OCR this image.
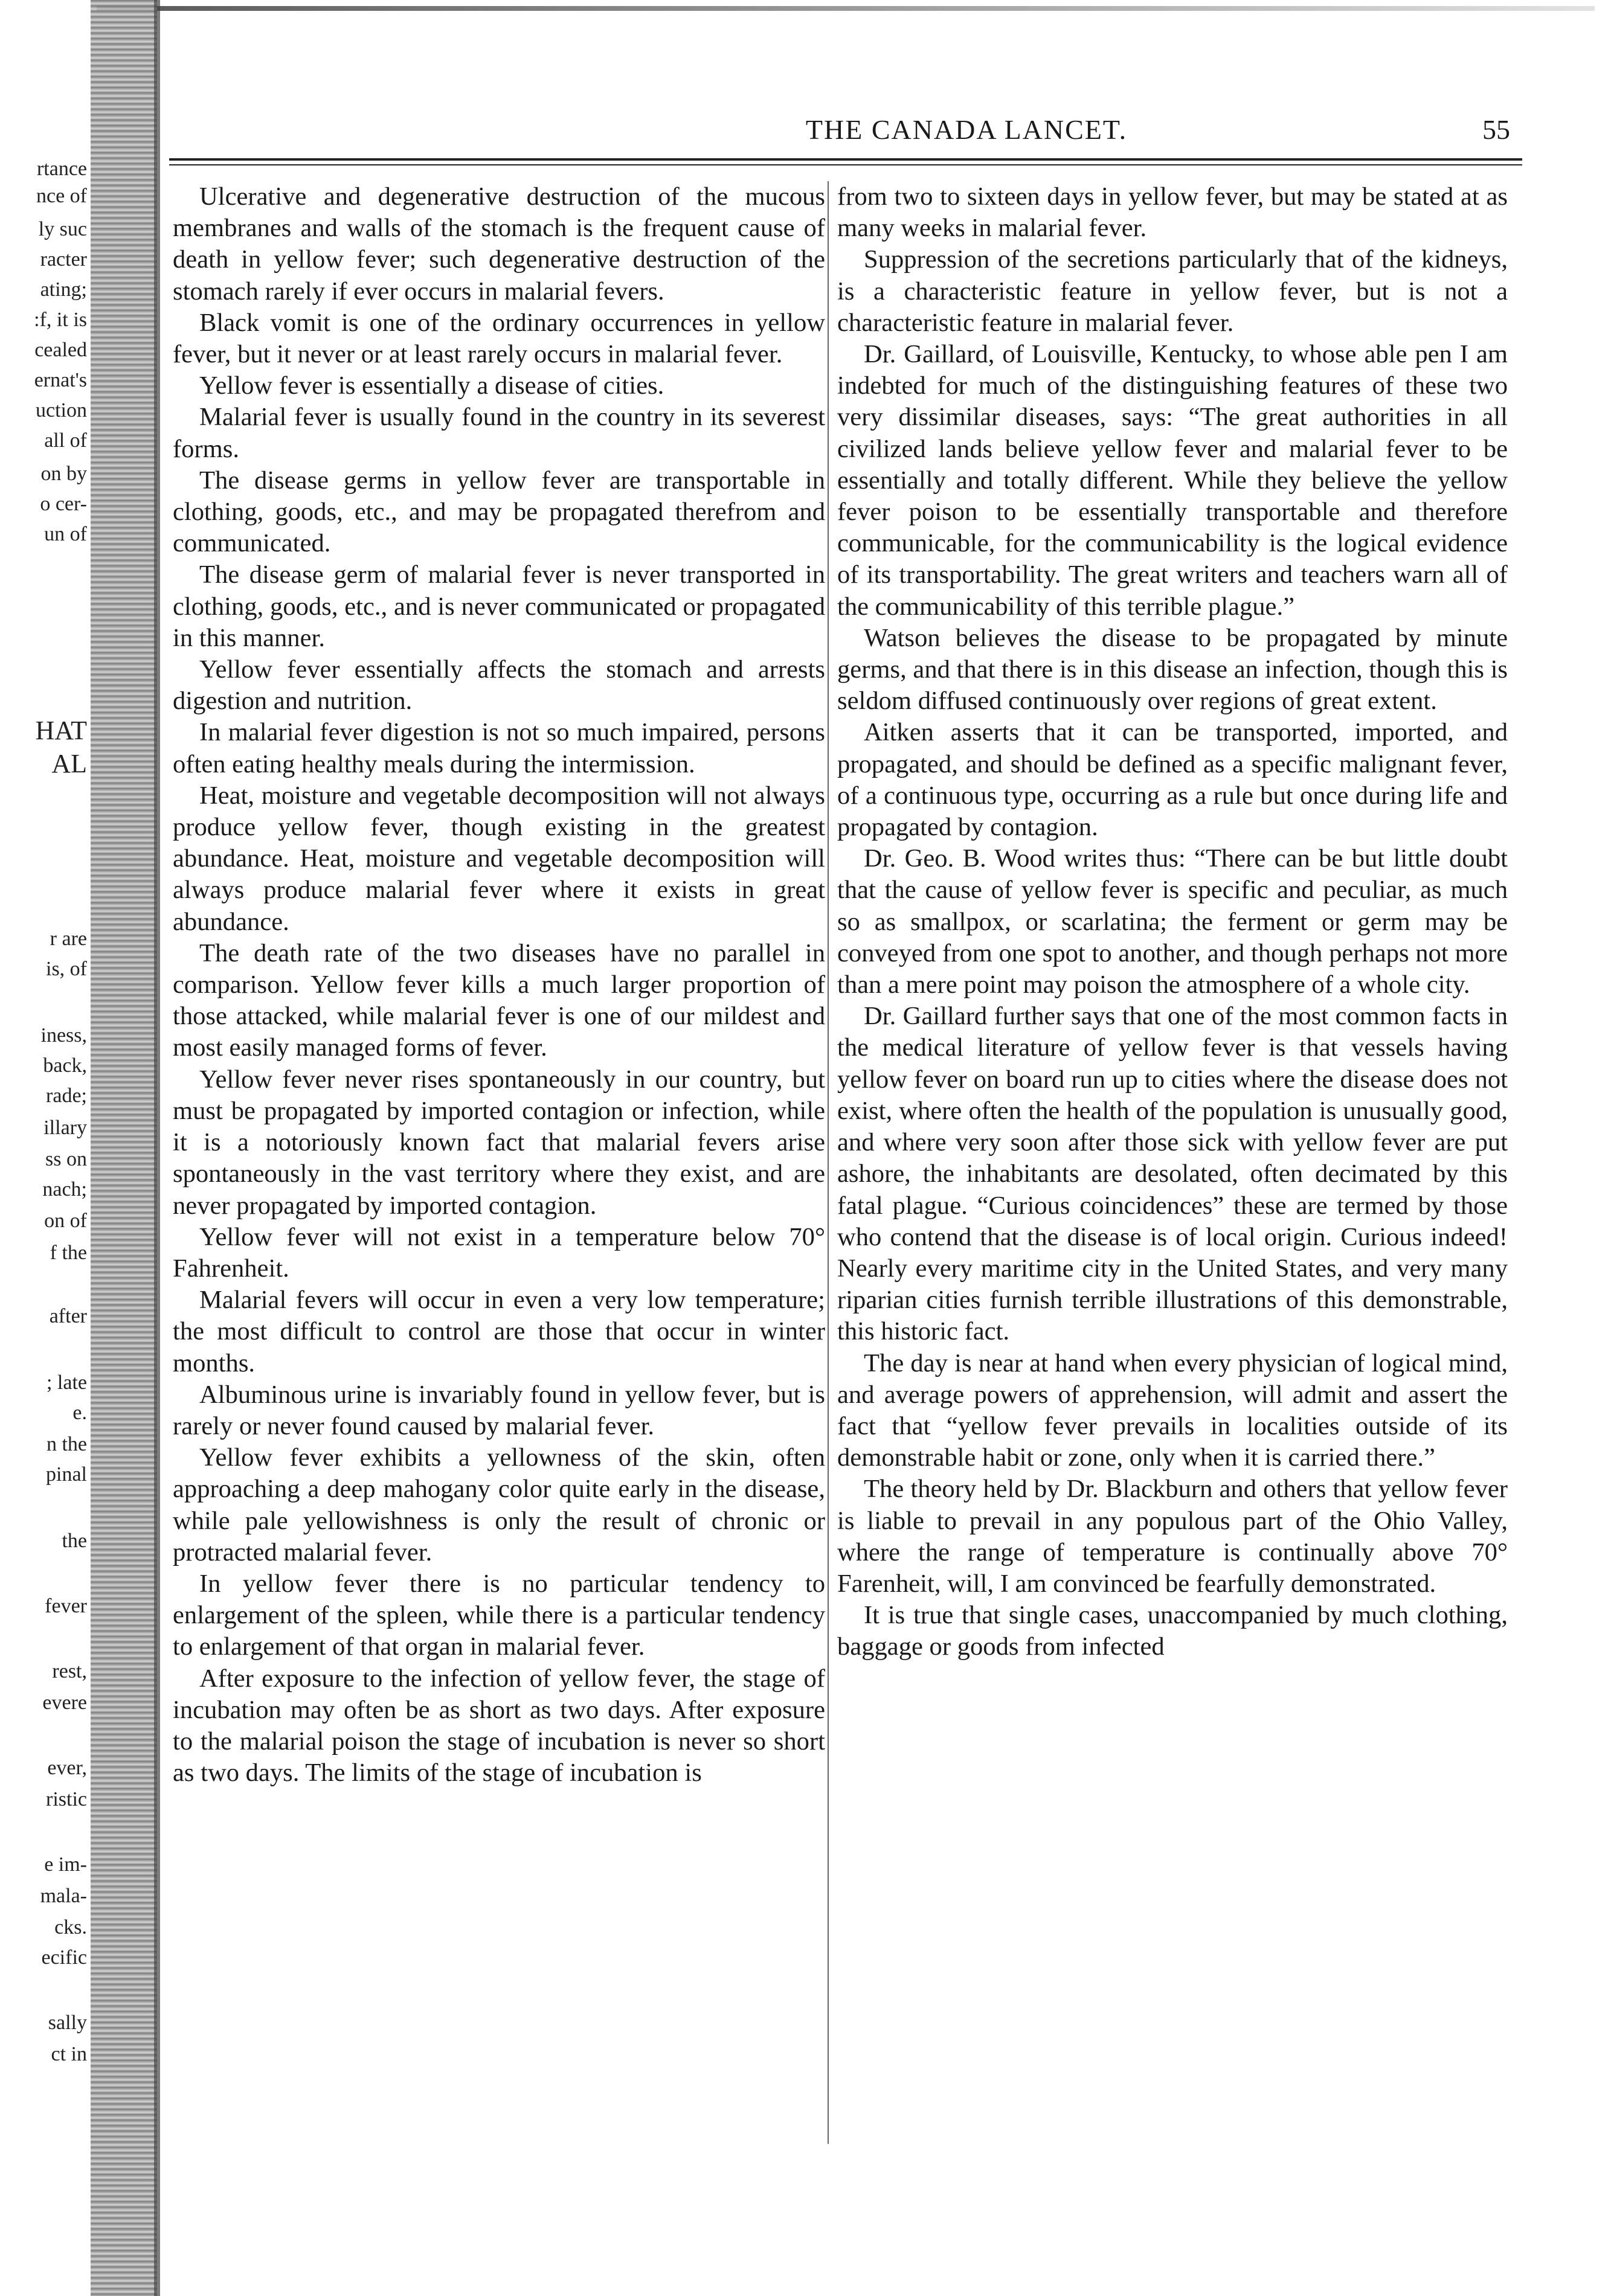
rtance
nce of
ly suc
racter
ating;
:f, it is
cealed
ernat's
uction
all of
on by
o cer-
un of
HAT
AL
r are
is, of
iness,
back,
rade;
illary
ss on
nach;
on of
f the
after
; late
e.
n the
pinal
the
fever
rest,
evere
ever,
ristic
e im-
mala-
cks.
ecific
sally
ct in
THE CANADA LANCET.	55

Ulcerative and degenerative destruction of the mucous membranes and walls of the stomach is the frequent cause of death in yellow fever; such degenerative destruction of the stomach rarely if ever occurs in malarial fevers.

Black vomit is one of the ordinary occurrences in yellow fever, but it never or at least rarely occurs in malarial fever.

Yellow fever is essentially a disease of cities.

Malarial fever is usually found in the country in its severest forms.

The disease germs in yellow fever are transportable in clothing, goods, etc., and may be propagated therefrom and communicated.

The disease germ of malarial fever is never transported in clothing, goods, etc., and is never communicated or propagated in this manner.

Yellow fever essentially affects the stomach and arrests digestion and nutrition.

In malarial fever digestion is not so much impaired, persons often eating healthy meals during the intermission.

Heat, moisture and vegetable decomposition will not always produce yellow fever, though existing in the greatest abundance. Heat, moisture and vegetable decomposition will always produce malarial fever where it exists in great abundance.

The death rate of the two diseases have no parallel in comparison. Yellow fever kills a much larger proportion of those attacked, while malarial fever is one of our mildest and most easily managed forms of fever.

Yellow fever never rises spontaneously in our country, but must be propagated by imported contagion or infection, while it is a notoriously known fact that malarial fevers arise spontaneously in the vast territory where they exist, and are never propagated by imported contagion.

Yellow fever will not exist in a temperature below 70° Fahrenheit.

Malarial fevers will occur in even a very low temperature; the most difficult to control are those that occur in winter months.

Albuminous urine is invariably found in yellow fever, but is rarely or never found caused by malarial fever.

Yellow fever exhibits a yellowness of the skin, often approaching a deep mahogany color quite early in the disease, while pale yellowishness is only the result of chronic or protracted malarial fever.

In yellow fever there is no particular tendency to enlargement of the spleen, while there is a particular tendency to enlargement of that organ in malarial fever.

After exposure to the infection of yellow fever, the stage of incubation may often be as short as two days. After exposure to the malarial poison the stage of incubation is never so short as two days. The limits of the stage of incubation is

from two to sixteen days in yellow fever, but may be stated at as many weeks in malarial fever.

Suppression of the secretions particularly that of the kidneys, is a characteristic feature in yellow fever, but is not a characteristic feature in malarial fever.

Dr. Gaillard, of Louisville, Kentucky, to whose able pen I am indebted for much of the distinguishing features of these two very dissimilar diseases, says: “The great authorities in all civilized lands believe yellow fever and malarial fever to be essentially and totally different. While they believe the yellow fever poison to be essentially transportable and therefore communicable, for the communicability is the logical evidence of its transportability. The great writers and teachers warn all of the communicability of this terrible plague.”

Watson believes the disease to be propagated by minute germs, and that there is in this disease an infection, though this is seldom diffused continuously over regions of great extent.

Aitken asserts that it can be transported, imported, and propagated, and should be defined as a specific malignant fever, of a continuous type, occurring as a rule but once during life and propagated by contagion.

Dr. Geo. B. Wood writes thus: “There can be but little doubt that the cause of yellow fever is specific and peculiar, as much so as smallpox, or scarlatina; the ferment or germ may be conveyed from one spot to another, and though perhaps not more than a mere point may poison the atmosphere of a whole city.

Dr. Gaillard further says that one of the most common facts in the medical literature of yellow fever is that vessels having yellow fever on board run up to cities where the disease does not exist, where often the health of the population is unusually good, and where very soon after those sick with yellow fever are put ashore, the inhabitants are desolated, often decimated by this fatal plague. “Curious coincidences” these are termed by those who contend that the disease is of local origin. Curious indeed! Nearly every maritime city in the United States, and very many riparian cities furnish terrible illustrations of this demonstrable, this historic fact.

The day is near at hand when every physician of logical mind, and average powers of apprehension, will admit and assert the fact that “yellow fever prevails in localities outside of its demonstrable habit or zone, only when it is carried there.”

The theory held by Dr. Blackburn and others that yellow fever is liable to prevail in any populous part of the Ohio Valley, where the range of temperature is continually above 70° Farenheit, will, I am convinced be fearfully demonstrated.

It is true that single cases, unaccompanied by much clothing, baggage or goods from infected
